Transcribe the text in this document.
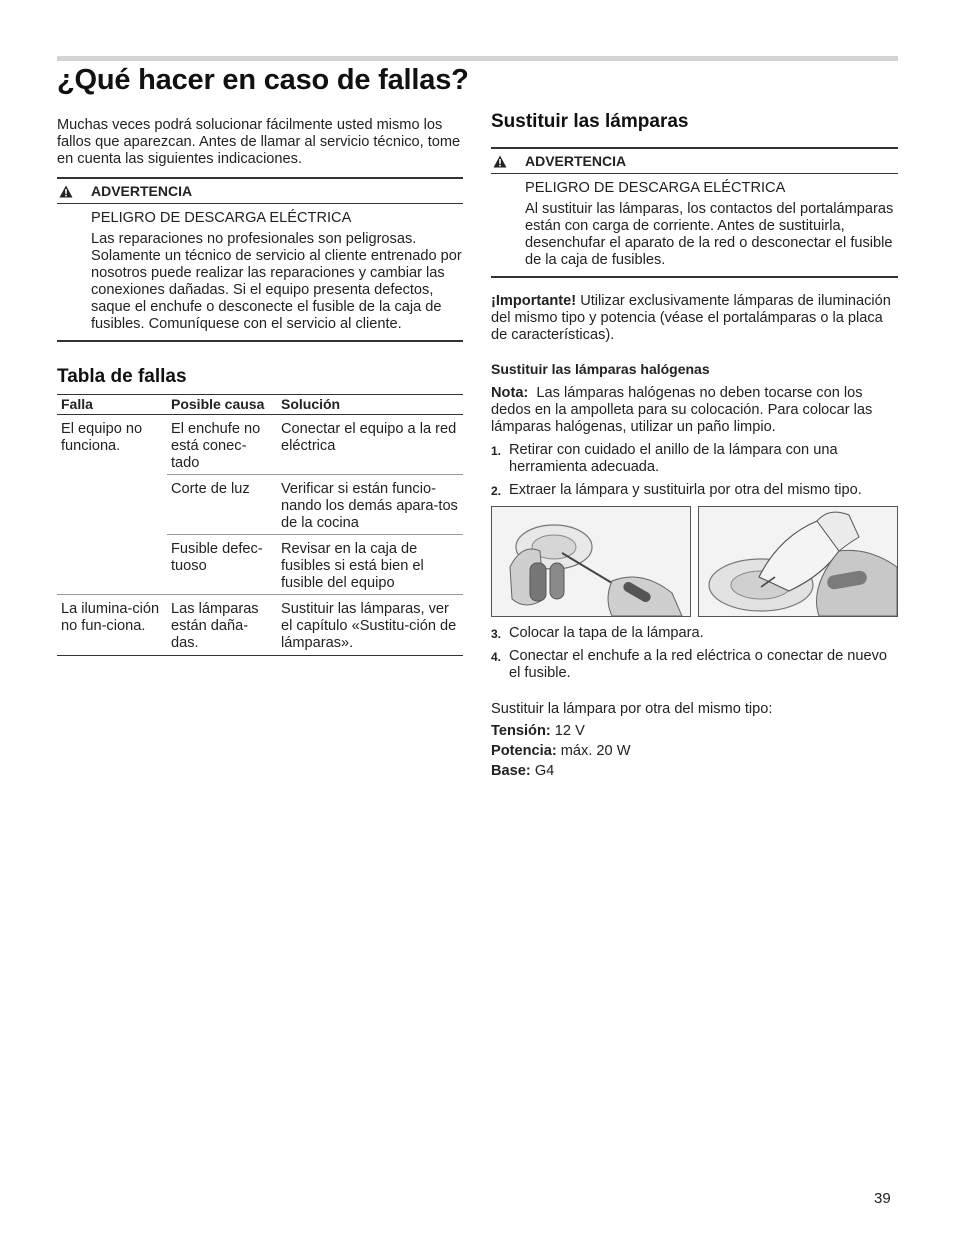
¿Qué hacer en caso de fallas?

Muchas veces podrá solucionar fácilmente usted mismo los fallos que aparezcan. Antes de llamar al servicio técnico, tome en cuenta las siguientes indicaciones.

ADVERTENCIA

PELIGRO DE DESCARGA ELÉCTRICA

Las reparaciones no profesionales son peligrosas. Solamente un técnico de servicio al cliente entrenado por nosotros puede realizar las reparaciones y cambiar las conexiones dañadas. Si el equipo presenta defectos, saque el enchufe o desconecte el fusible de la caja de fusibles. Comuníquese con el servicio al cliente.

Tabla de fallas
Falla	Posible causa	Solución
El equipo no funciona.	El enchufe no está conec-tado	Conectar el equipo a la red eléctrica
	Corte de luz	Verificar si están funcio-nando los demás apara-tos de la cocina
	Fusible defec-tuoso	Revisar en la caja de fusibles si está bien el fusible del equipo
La ilumina-ción no fun-ciona.	Las lámparas están daña-das.	Sustituir las lámparas, ver el capítulo «Sustitu-ción de lámparas».
Sustituir las lámparas
ADVERTENCIA

PELIGRO DE DESCARGA ELÉCTRICA

Al sustituir las lámparas, los contactos del portalámparas están con carga de corriente. Antes de sustituirla, desenchufar el aparato de la red o desconectar el fusible de la caja de fusibles.

¡Importante! Utilizar exclusivamente lámparas de iluminación del mismo tipo y potencia (véase el portalámparas o la placa de características).

Sustituir las lámparas halógenas

Nota: Las lámparas halógenas no deben tocarse con los dedos en la ampolleta para su colocación. Para colocar las lámparas halógenas, utilizar un paño limpio.

1. Retirar con cuidado el anillo de la lámpara con una herramienta adecuada.
2. Extraer la lámpara y sustituirla por otra del mismo tipo.
3. Colocar la tapa de la lámpara.
4. Conectar el enchufe a la red eléctrica o conectar de nuevo el fusible.

Sustituir la lámpara por otra del mismo tipo:

Tensión: 12 V
Potencia: máx. 20 W
Base: G4
39
